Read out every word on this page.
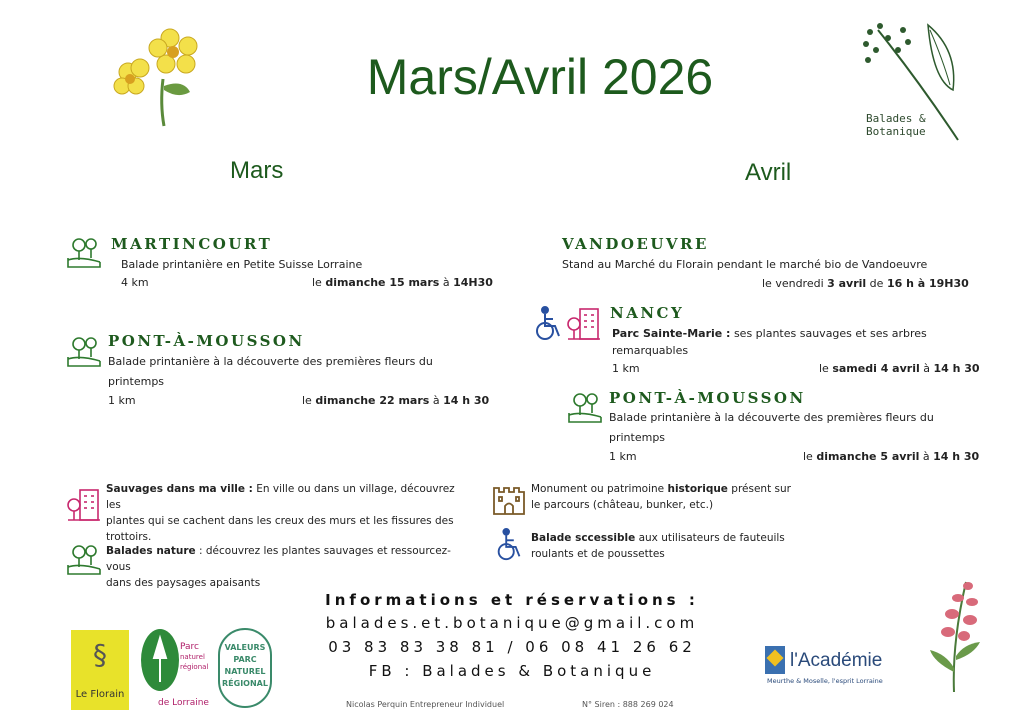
Mars/Avril 2026
Balades &
Botanique
Mars	Avril
MARTINCOURT
Balade printanière en Petite Suisse Lorraine
4 km	le dimanche 15 mars à 14H30
PONT-À-MOUSSON
Balade printanière à la découverte des premières fleurs du
printemps
1 km	le dimanche 22 mars à 14 h 30
VANDOEUVRE
Stand au Marché du Florain pendant le marché bio de Vandoeuvre
le vendredi 3 avril de 16 h à 19H30
NANCY
Parc Sainte-Marie : ses plantes sauvages et ses arbres
remarquables
1 km	le samedi 4 avril à 14 h 30
PONT-À-MOUSSON
Balade printanière à la découverte des premières fleurs du
printemps
1 km	le dimanche 5 avril à 14 h 30
Sauvages dans ma ville : En ville ou dans un village, découvrez les
plantes qui se cachent dans les creux des murs et les fissures des
trottoirs.
Balades nature : découvrez les plantes sauvages et ressourcez-vous
dans des paysages apaisants
Monument ou patrimoine historique présent sur
le parcours (château, bunker, etc.)
Balade sccessible aux utilisateurs de fauteuils
roulants et de poussettes
Informations et réservations :
balades.et.botanique@gmail.com
03 83 83 38 81 / 06 08 41 26 62
FB : Balades & Botanique
§
Le Florain
Parc
naturel
régional
de Lorraine
VALEURS PARC NATUREL RÉGIONAL
l'Académie
Meurthe & Moselle, l'esprit Lorraine
Nicolas Perquin Entrepreneur Individuel	N° Siren : 888 269 024
